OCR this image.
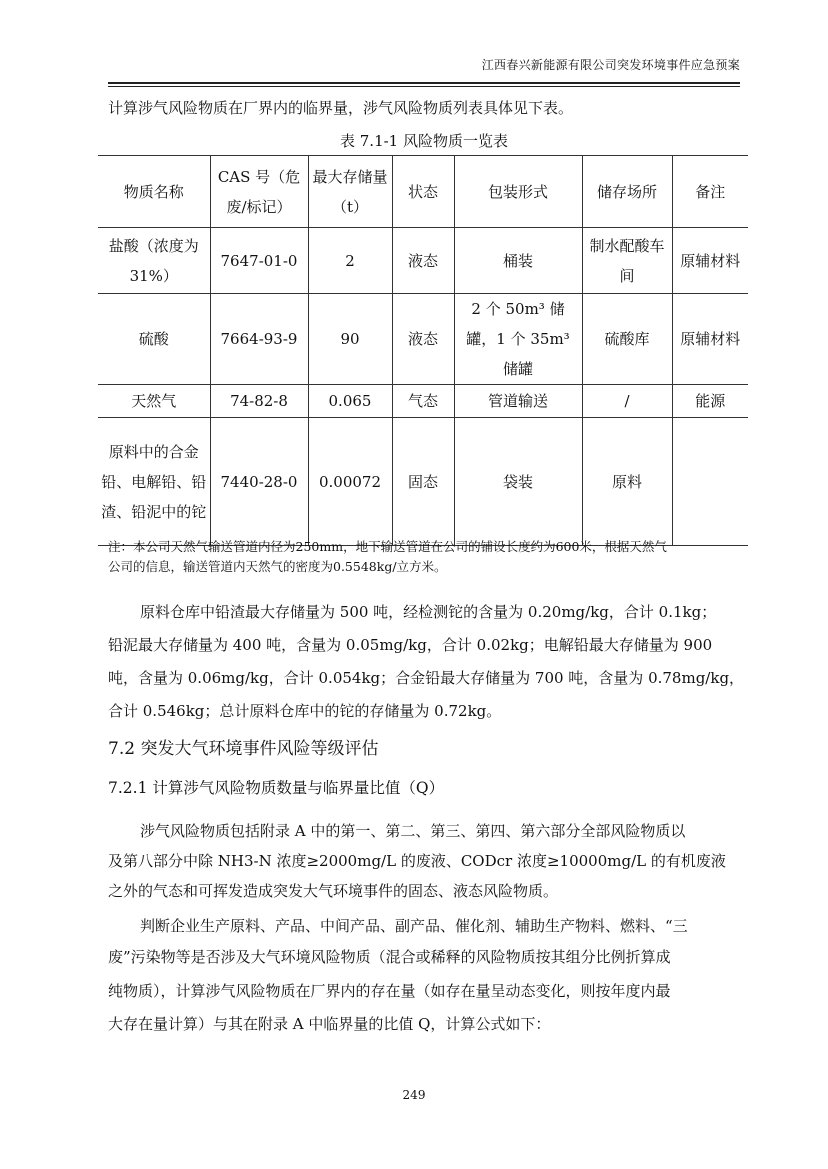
江西春兴新能源有限公司突发环境事件应急预案
计算涉气风险物质在厂界内的临界量，涉气风险物质列表具体见下表。
表 7.1-1 风险物质一览表
物质名称	CAS 号（危废/标记）	最大存储量（t）	状态	包装形式	储存场所	备注
盐酸（浓度为31%）	7647-01-0	2	液态	桶装	制水配酸车间	原辅材料
硫酸	7664-93-9	90	液态	2 个 50m³ 储罐，1 个 35m³ 储罐	硫酸库	原辅材料
天然气	74-82-8	0.065	气态	管道输送	/	能源
原料中的合金铅、电解铅、铅渣、铅泥中的铊	7440-28-0	0.00072	固态	袋装	原料	
注：本公司天然气输送管道内径为250mm，地下输送管道在公司的铺设长度约为600米，根据天然气
公司的信息，输送管道内天然气的密度为0.5548kg/立方米。
原料仓库中铅渣最大存储量为 500 吨，经检测铊的含量为 0.20mg/kg，合计 0.1kg；
铅泥最大存储量为 400 吨，含量为 0.05mg/kg，合计 0.02kg；电解铅最大存储量为 900
吨，含量为 0.06mg/kg，合计 0.054kg；合金铅最大存储量为 700 吨，含量为 0.78mg/kg，
合计 0.546kg；总计原料仓库中的铊的存储量为 0.72kg。
7.2 突发大气环境事件风险等级评估
7.2.1 计算涉气风险物质数量与临界量比值（Q）
涉气风险物质包括附录 A 中的第一、第二、第三、第四、第六部分全部风险物质以
及第八部分中除 NH3-N 浓度≥2000mg/L 的废液、CODcr 浓度≥10000mg/L 的有机废液
之外的气态和可挥发造成突发大气环境事件的固态、液态风险物质。
判断企业生产原料、产品、中间产品、副产品、催化剂、辅助生产物料、燃料、“三
废”污染物等是否涉及大气环境风险物质（混合或稀释的风险物质按其组分比例折算成
纯物质），计算涉气风险物质在厂界内的存在量（如存在量呈动态变化，则按年度内最
大存在量计算）与其在附录 A 中临界量的比值 Q，计算公式如下：
249
